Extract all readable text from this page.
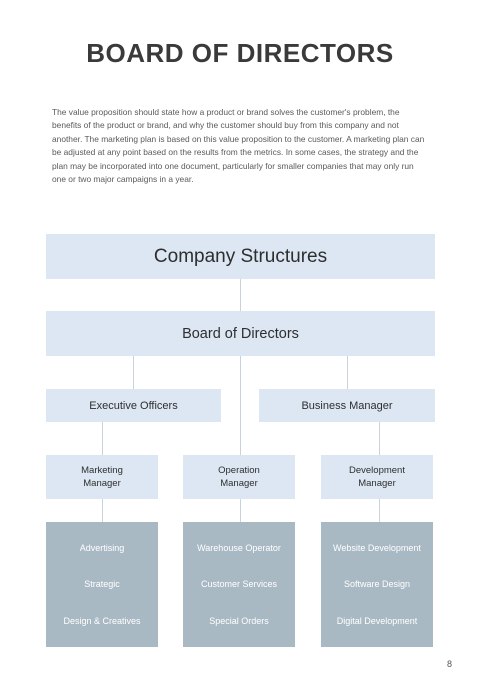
BOARD OF DIRECTORS
The value proposition should state how a product or brand solves the customer's problem, the benefits of the product or brand, and why the customer should buy from this company and not another. The marketing plan is based on this value proposition to the customer. A marketing plan can be adjusted at any point based on the results from the metrics. In some cases, the strategy and the plan may be incorporated into one document, particularly for smaller companies that may only run one or two major campaigns in a year.
Company Structures
Board of Directors
Executive Officers	Business Manager
Marketing
Manager
Operation
Manager
Development
Manager
Advertising
Strategic
Design & Creatives
Warehouse Operator
Customer Services
Special Orders
Website Development
Software Design
Digital Development
8
